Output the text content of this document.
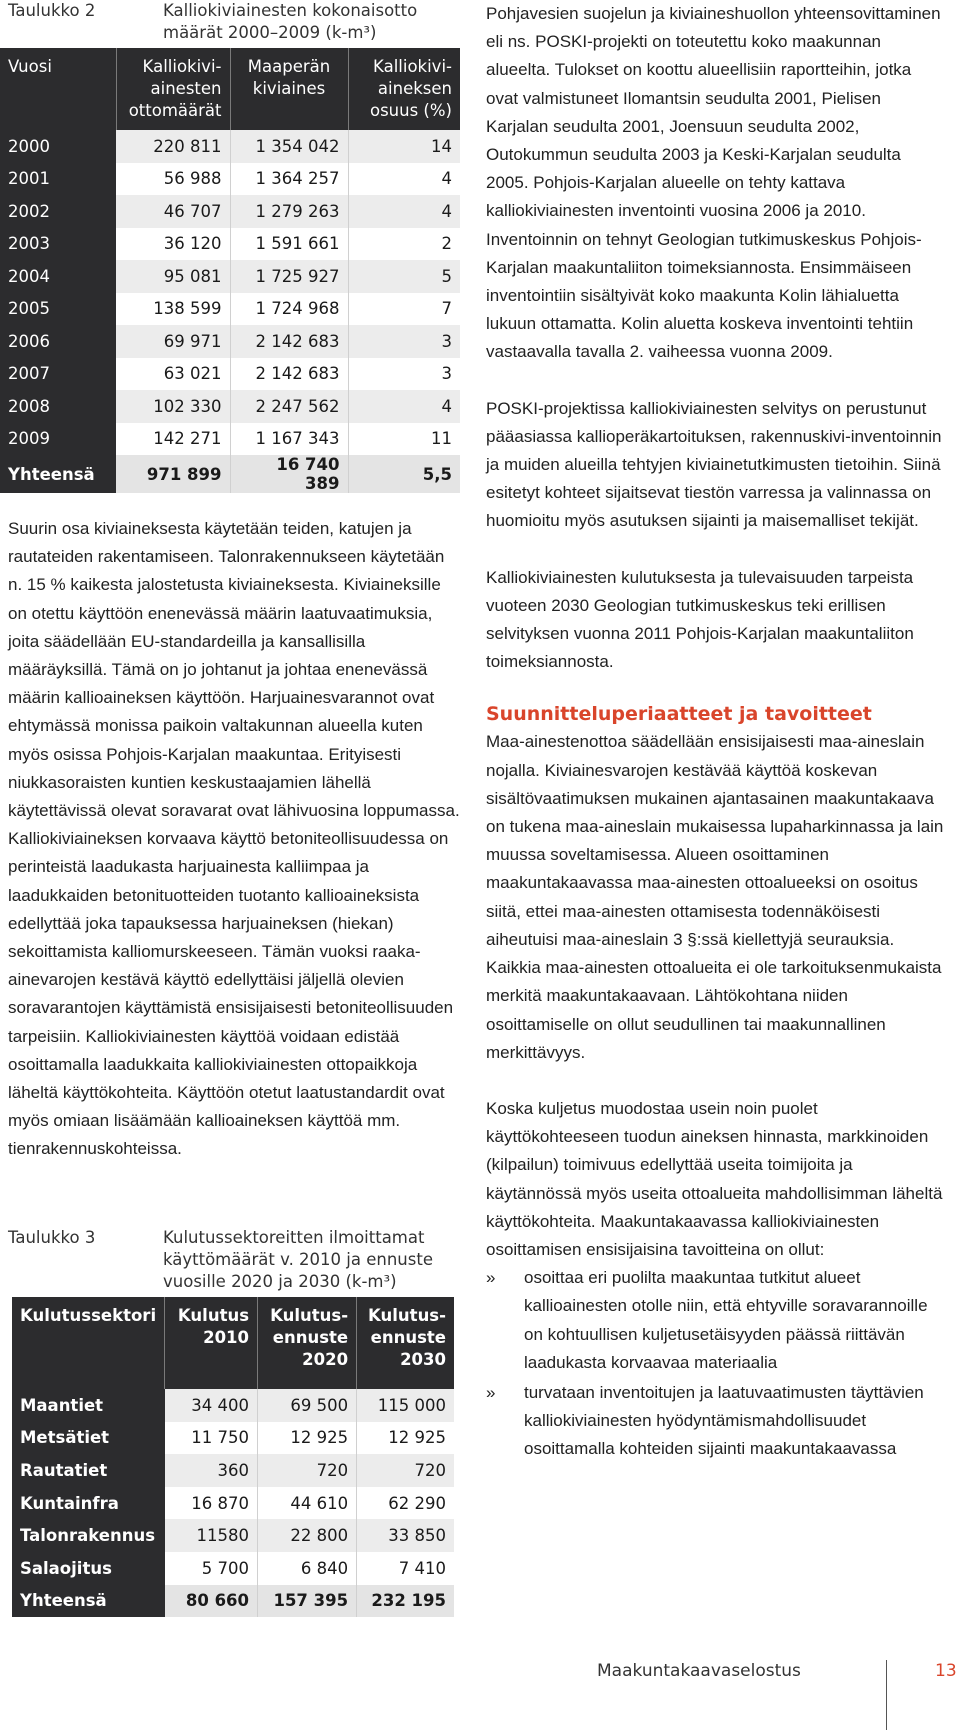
Taulukko 2	Kalliokiviainesten kokonaisotto määrät 2000–2009 (k-m³)
Vuosi	Kalliokiviainesten ottomäärät	Maaperän kiviaines	Kalliokiviaineksen osuus (%)
2000	220 811	1 354 042	14
2001	56 988	1 364 257	4
2002	46 707	1 279 263	4
2003	36 120	1 591 661	2
2004	95 081	1 725 927	5
2005	138 599	1 724 968	7
2006	69 971	2 142 683	3
2007	63 021	2 142 683	3
2008	102 330	2 247 562	4
2009	142 271	1 167 343	11
Yhteensä	971 899	16 740 389	5,5
Suurin osa kiviaineksesta käytetään teiden, katujen ja rautateiden rakentamiseen. Talonrakennukseen käytetään n. 15 % kaikesta jalostetusta kiviaineksesta. Kiviaineksille on otettu käyttöön enenevässä määrin laatuvaatimuksia, joita säädellään EU-standardeilla ja kansallisilla määräyksillä. Tämä on jo johtanut ja johtaa enenevässä määrin kallioaineksen käyttöön. Harjuainesvarannot ovat ehtymässä monissa paikoin valtakunnan alueella kuten myös osissa Pohjois-Karjalan maakuntaa. Erityisesti niukkasoraisten kuntien keskustaajamien lähellä käytettävissä olevat soravarat ovat lähivuosina loppumassa. Kalliokiviaineksen korvaava käyttö betoniteollisuudessa on perinteistä laadukasta harjuainesta kalliimpaa ja laadukkaiden betonituotteiden tuotanto kallioaineksista edellyttää joka tapauksessa harjuaineksen (hiekan) sekoittamista kalliomurskeeseen. Tämän vuoksi raaka-ainevarojen kestävä käyttö edellyttäisi jäljellä olevien soravarantojen käyttämistä ensisijaisesti betoniteollisuuden tarpeisiin. Kalliokiviainesten käyttöä voidaan edistää osoittamalla laadukkaita kalliokiviainesten ottopaikkoja läheltä käyttökohteita. Käyttöön otetut laatustandardit ovat myös omiaan lisäämään kallioaineksen käyttöä mm. tienrakennuskohteissa.
Taulukko 3	Kulutussektoreitten ilmoittamat käyttömäärät v. 2010 ja ennuste vuosille 2020 ja 2030 (k-m³)
Kulutussektori	Kulutus 2010	Kulutusennuste 2020	Kulutusennuste 2030
Maantiet	34 400	69 500	115 000
Metsätiet	11 750	12 925	12 925
Rautatiet	360	720	720
Kuntainfra	16 870	44 610	62 290
Talonrakennus	11580	22 800	33 850
Salaojitus	5 700	6 840	7 410
Yhteensä	80 660	157 395	232 195
Pohjavesien suojelun ja kiviaineshuollon yhteensovittaminen eli ns. POSKI-projekti on toteutettu koko maakunnan alueelta. Tulokset on koottu alueellisiin raportteihin, jotka ovat valmistuneet Ilomantsin seudulta 2001, Pielisen Karjalan seudulta 2001, Joensuun seudulta 2002, Outokummun seudulta 2003 ja Keski-Karjalan seudulta 2005. Pohjois-Karjalan alueelle on tehty kattava kalliokiviainesten inventointi vuosina 2006 ja 2010. Inventoinnin on tehnyt Geologian tutkimuskeskus Pohjois-Karjalan maakuntaliiton toimeksiannosta. Ensimmäiseen inventointiin sisältyivät koko maakunta Kolin lähialuetta lukuun ottamatta. Kolin aluetta koskeva inventointi tehtiin vastaavalla tavalla 2. vaiheessa vuonna 2009.
POSKI-projektissa kalliokiviainesten selvitys on perustunut pääasiassa kallioperäkartoituksen, rakennuskivi-inventoinnin ja muiden alueilla tehtyjen kiviainetutkimusten tietoihin. Siinä esitetyt kohteet sijaitsevat tiestön varressa ja valinnassa on huomioitu myös asutuksen sijainti ja maisemalliset tekijät.
Kalliokiviainesten kulutuksesta ja tulevaisuuden tarpeista vuoteen 2030 Geologian tutkimuskeskus teki erillisen selvityksen vuonna 2011 Pohjois-Karjalan maakuntaliiton toimeksiannosta.
Suunnitteluperiaatteet ja tavoitteet
Maa-ainestenottoa säädellään ensisijaisesti maa-aineslain nojalla. Kiviainesvarojen kestävää käyttöä koskevan sisältövaatimuksen mukainen ajantasainen maakuntakaava on tukena maa-aineslain mukaisessa lupaharkinnassa ja lain muussa soveltamisessa. Alueen osoittaminen maakuntakaavassa maa-ainesten ottoalueeksi on osoitus siitä, ettei maa-ainesten ottamisesta todennäköisesti aiheutuisi maa-aineslain 3 §:ssä kiellettyjä seurauksia. Kaikkia maa-ainesten ottoalueita ei ole tarkoituksenmukaista merkitä maakuntakaavaan. Lähtökohtana niiden osoittamiselle on ollut seudullinen tai maakunnallinen merkittävyys.
Koska kuljetus muodostaa usein noin puolet käyttökohteeseen tuodun aineksen hinnasta, markkinoiden (kilpailun) toimivuus edellyttää useita toimijoita ja käytännössä myös useita ottoalueita mahdollisimman läheltä käyttökohteita. Maakuntakaavassa kalliokiviainesten osoittamisen ensisijaisina tavoitteina on ollut:
» osoittaa eri puolilta maakuntaa tutkitut alueet kallioainesten otolle niin, että ehtyville soravarannoille on kohtuullisen kuljetusetäisyyden päässä riittävän laadukasta korvaavaa materiaalia
» turvataan inventoitujen ja laatuvaatimusten täyttävien kalliokiviainesten hyödyntämismahdollisuudet osoittamalla kohteiden sijainti maakuntakaavassa
Maakuntakaavaselostus	13
